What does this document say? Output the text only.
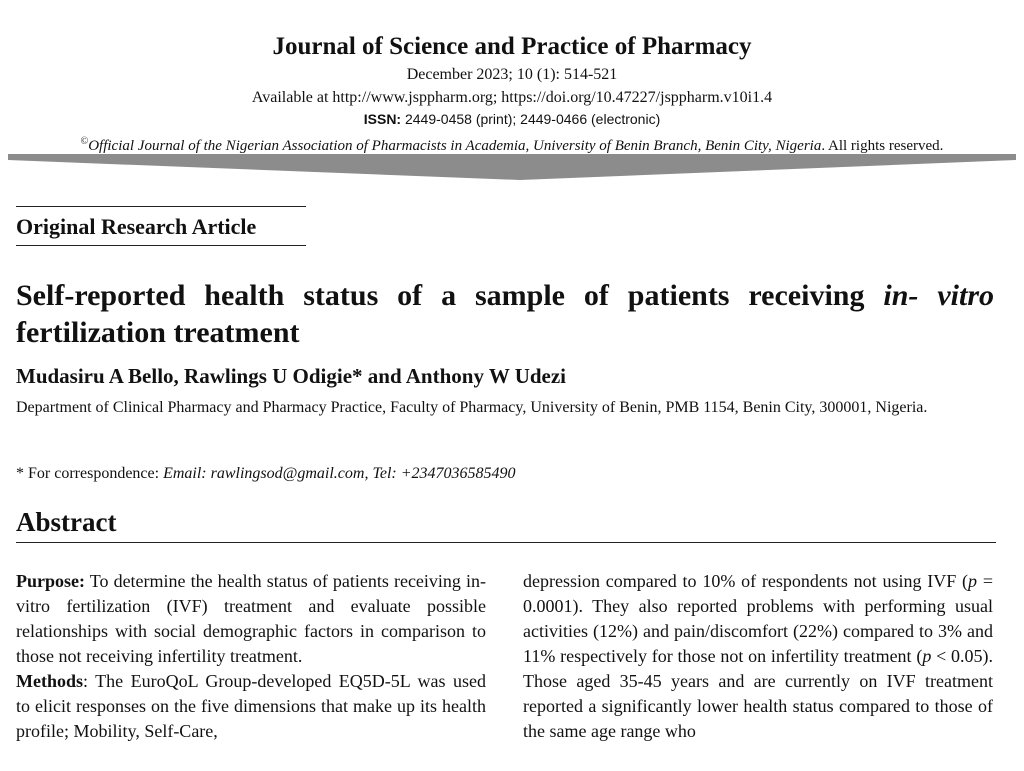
Journal of Science and Practice of Pharmacy
December 2023; 10 (1): 514-521
Available at http://www.jsppharm.org; https://doi.org/10.47227/jsppharm.v10i1.4
ISSN: 2449-0458 (print); 2449-0466 (electronic)
©Official Journal of the Nigerian Association of Pharmacists in Academia, University of Benin Branch, Benin City, Nigeria. All rights reserved.
Original Research Article
Self-reported health status of a sample of patients receiving in- vitro fertilization treatment
Mudasiru A Bello, Rawlings U Odigie* and Anthony W Udezi
Department of Clinical Pharmacy and Pharmacy Practice, Faculty of Pharmacy, University of Benin, PMB 1154, Benin City, 300001, Nigeria.
* For correspondence: Email: rawlingsod@gmail.com, Tel: +2347036585490
Abstract

Purpose: To determine the health status of patients receiving in-vitro fertilization (IVF) treatment and evaluate possible relationships with social demographic factors in comparison to those not receiving infertility treatment.

Methods: The EuroQoL Group-developed EQ5D-5L was used to elicit responses on the five dimensions that make up its health profile; Mobility, Self-Care,

depression compared to 10% of respondents not using IVF (p = 0.0001). They also reported problems with performing usual activities (12%) and pain/discomfort (22%) compared to 3% and 11% respectively for those not on infertility treatment (p < 0.05). Those aged 35-45 years and are currently on IVF treatment reported a significantly lower health status compared to those of the same age range who
